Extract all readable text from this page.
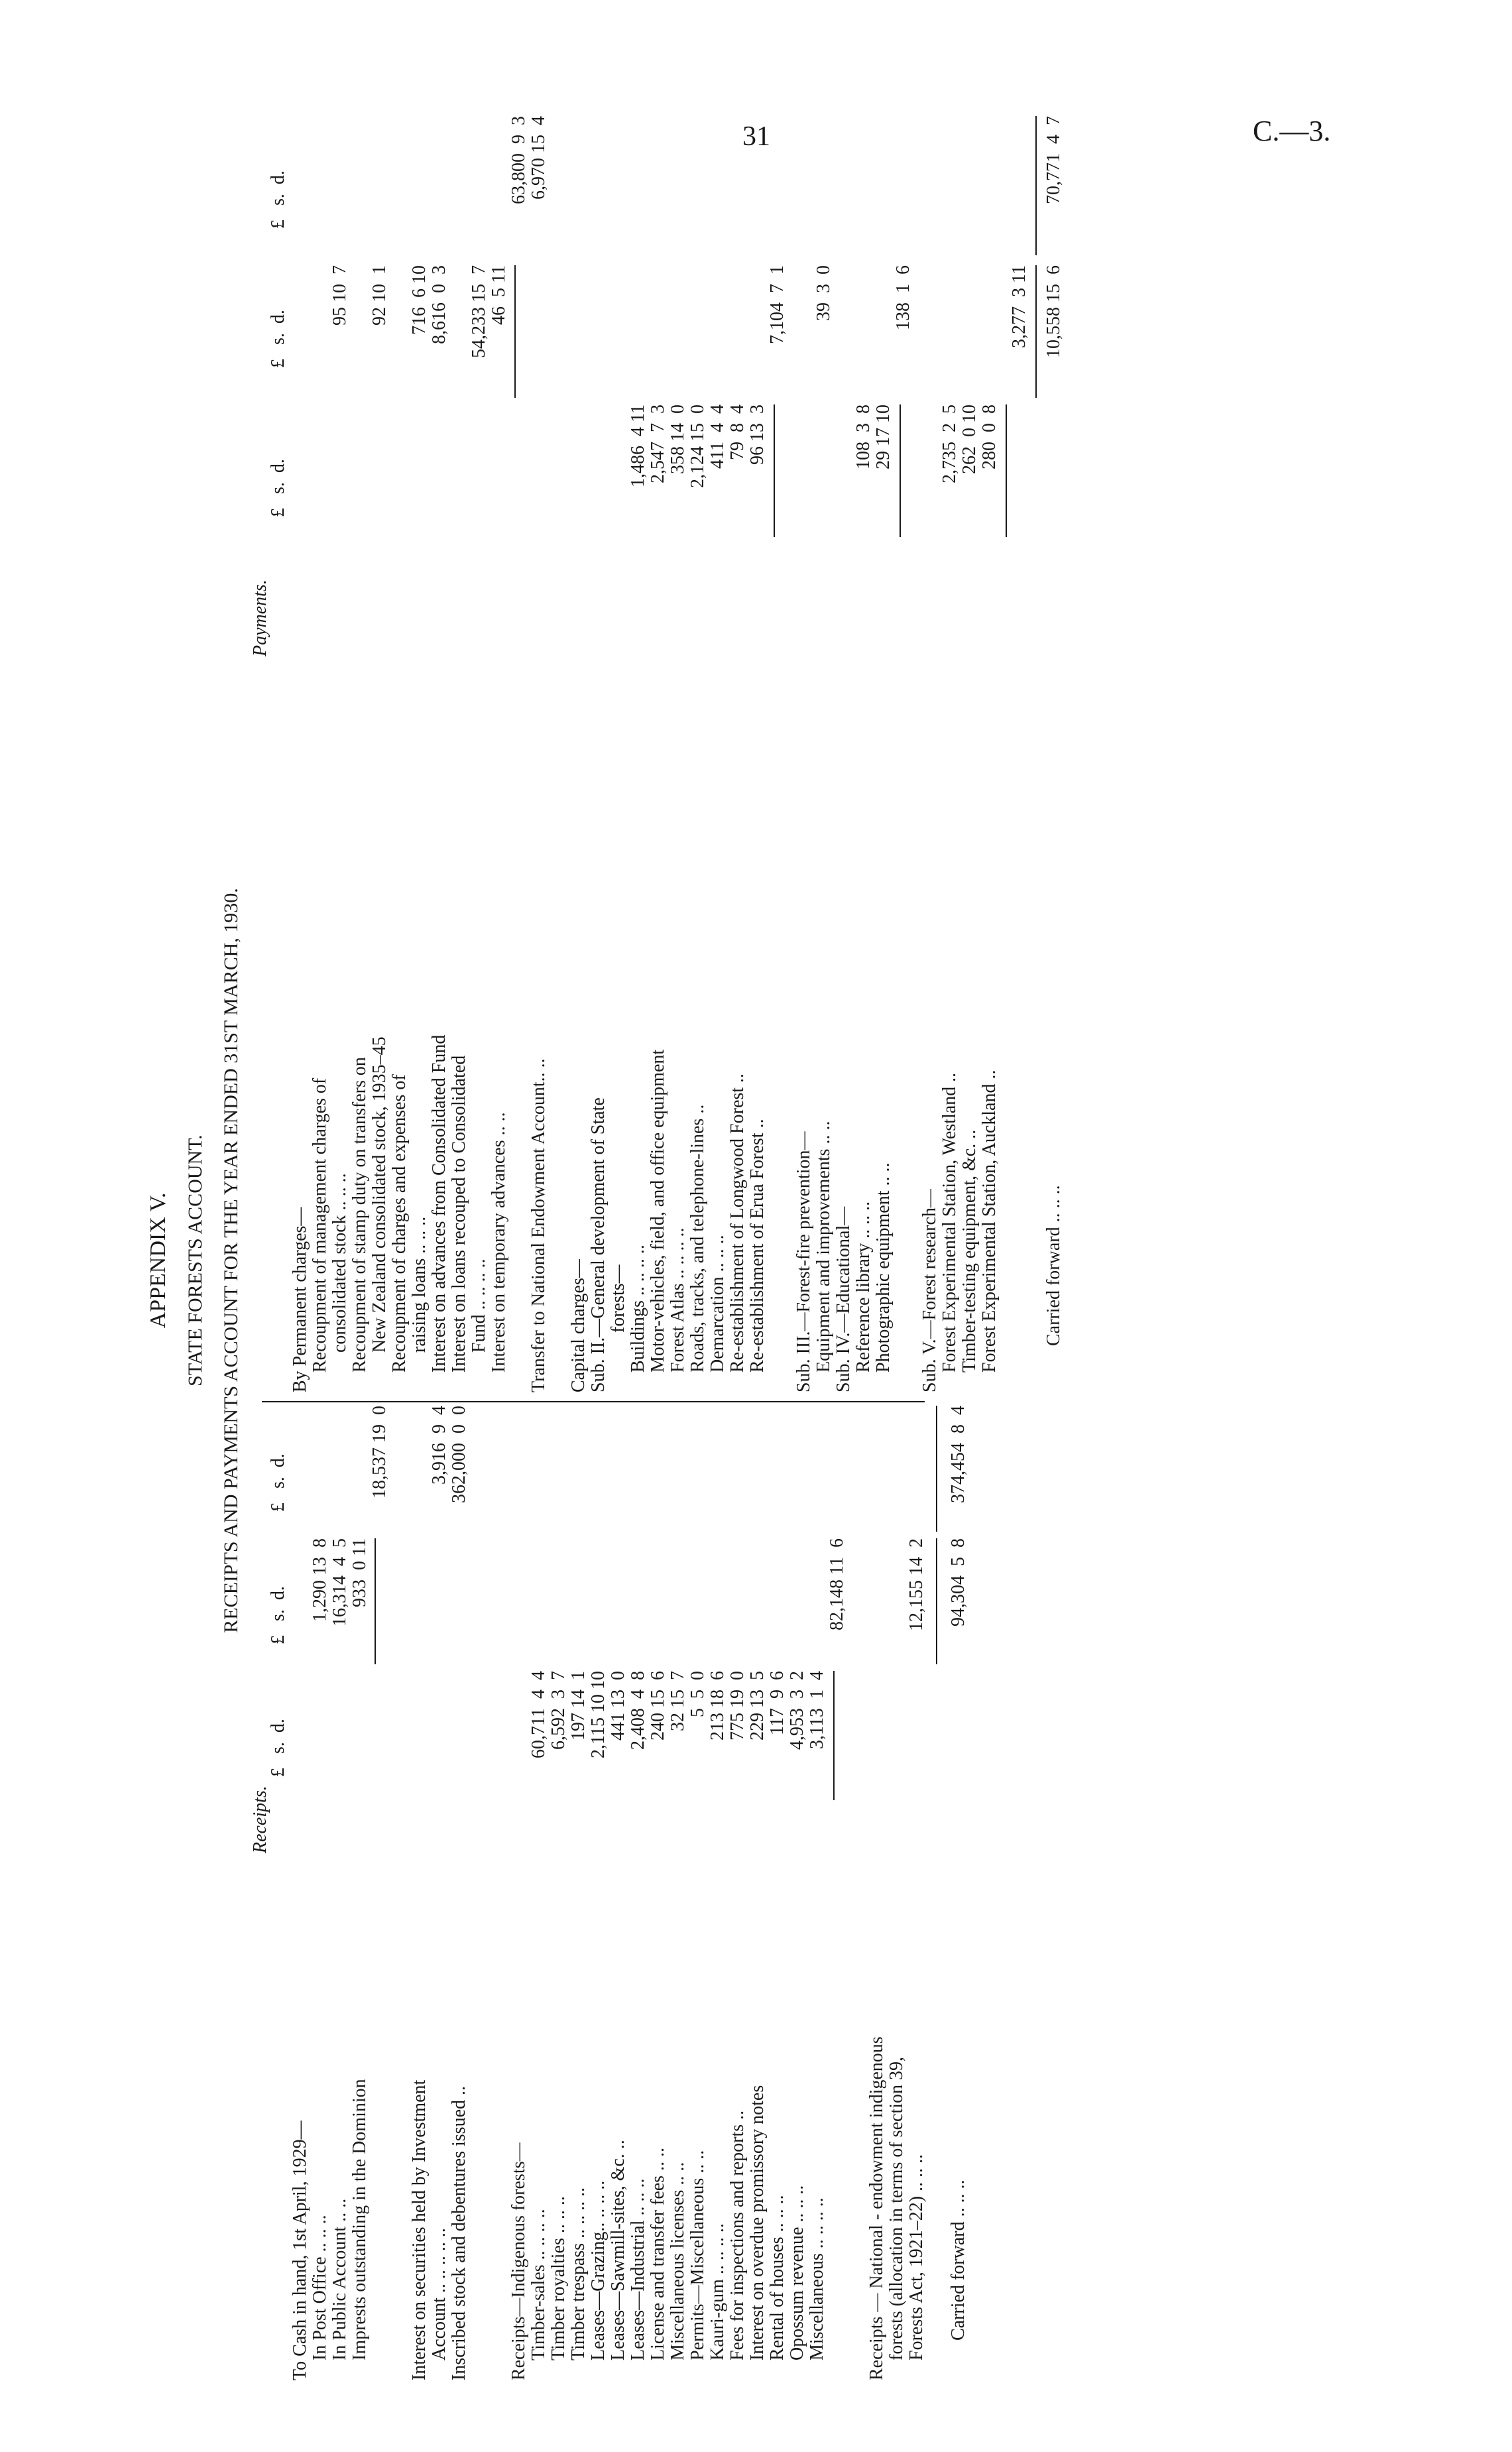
31	C.—3.
APPENDIX V. STATE FORESTS ACCOUNT. RECEIPTS AND PAYMENTS ACCOUNT FOR THE YEAR ENDED 31ST MARCH, 1930.
Receipts.
Payments.
£   s.  d.
£   s.  d.
£   s.  d.
£   s.  d.
£   s.  d.
£   s.  d.
To Cash in hand, 1st April, 1929— In Post Office .. .. ..
1,290 13  8
In Public Account .. ..
16,314  4  5
Imprests outstanding in the Dominion
933  0 11
18,537 19  0
Interest on securities held by Investment Account .. .. .. .. ..
3,916  9  4
Inscribed stock and debentures issued ..
362,000  0  0
Receipts—Indigenous forests— Timber-sales .. .. .. ..
60,711  4  4
Timber royalties .. .. ..
6,592  3  7
Timber trespass .. .. .. ..
197 14  1
Leases—Grazing.. .. .. ..
2,115 10 10
Leases—Sawmill-sites, &c. ..
441 13  0
Leases—Industrial .. .. ..
2,408  4  8
License and transfer fees .. ..
240 15  6
Miscellaneous licenses .. ..
32 15  7
Permits—Miscellaneous .. ..
5  5  0
Kauri-gum .. .. .. ..
213 18  6
Fees for inspections and reports ..
775 19  0
Interest on overdue promissory notes
229 13  5
Rental of houses .. .. ..
117  9  6
Opossum revenue .. .. ..
4,953  3  2
Miscellaneous .. .. .. ..
3,113  1  4
82,148 11  6
Receipts — National - endowment indigenous forests (allocation in terms of section 39, Forests Act, 1921–22) .. .. ..
12,155 14  2
Carried forward .. .. ..
94,304  5  8
374,454  8  4
By Permanent charges— Recoupment of management charges of consolidated stock .. .. ..
95 10  7
Recoupment of stamp duty on transfers on New Zealand consolidated stock, 1935–45
92 10  1
Recoupment of charges and expenses of raising loans .. .. ..
716  6 10
Interest on advances from Consolidated Fund
8,616  0  3
Interest on loans recouped to Consolidated Fund .. .. .. ..
54,233 15  7
Interest on temporary advances .. ..
46  5 11
63,800  9  3
Transfer to National Endowment Account.. ..
6,970 15  4
Capital charges— Sub. II.—General development of State forests— Buildings .. .. .. ..
1,486  4 11
Motor-vehicles, field, and office equipment
2,547  7  3
Forest Atlas .. .. .. ..
358 14  0
Roads, tracks, and telephone-lines ..
2,124 15  0
Demarcation .. .. ..
411  4  4
Re-establishment of Longwood Forest ..
79  8  4
Re-establishment of Erua Forest ..
96 13  3
7,104  7  1
Sub. III.—Forest-fire prevention— Equipment and improvements .. ..
39  3  0
Sub. IV.—Educational— Reference library .. .. ..
108  3  8
Photographic equipment .. ..
29 17 10
138  1  6
Sub. V.—Forest research— Forest Experimental Station, Westland ..
2,735  2  5
Timber-testing equipment, &c. ..
262  0 10
Forest Experimental Station, Auckland ..
280  0  8
3,277  3 11
Carried forward .. .. ..
10,558 15  6
70,771  4  7
